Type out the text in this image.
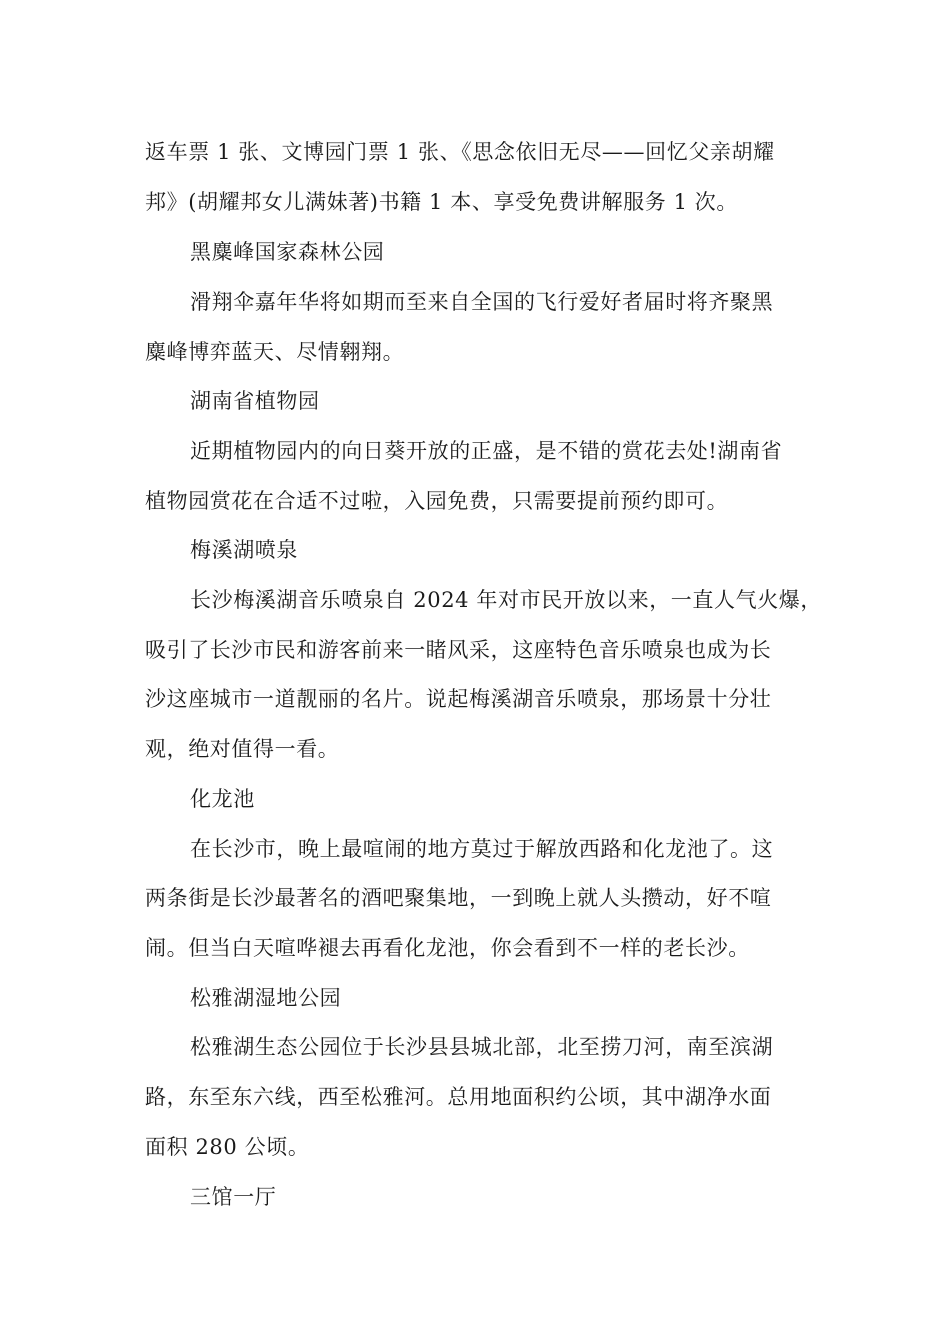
返车票 1 张、文博园门票 1 张、《思念依旧无尽——回忆父亲胡耀
邦》(胡耀邦女儿满妹著)书籍 1 本、享受免费讲解服务 1 次。
黑麋峰国家森林公园
滑翔伞嘉年华将如期而至来自全国的飞行爱好者届时将齐聚黑
麋峰博弈蓝天、尽情翱翔。
湖南省植物园
近期植物园内的向日葵开放的正盛，是不错的赏花去处!湖南省
植物园赏花在合适不过啦，入园免费，只需要提前预约即可。
梅溪湖喷泉
长沙梅溪湖音乐喷泉自 2024 年对市民开放以来，一直人气火爆，
吸引了长沙市民和游客前来一睹风采，这座特色音乐喷泉也成为长
沙这座城市一道靓丽的名片。说起梅溪湖音乐喷泉，那场景十分壮
观，绝对值得一看。
化龙池
在长沙市，晚上最喧闹的地方莫过于解放西路和化龙池了。这
两条街是长沙最著名的酒吧聚集地，一到晚上就人头攒动，好不喧
闹。但当白天喧哗褪去再看化龙池，你会看到不一样的老长沙。
松雅湖湿地公园
松雅湖生态公园位于长沙县县城北部，北至捞刀河，南至滨湖
路，东至东六线，西至松雅河。总用地面积约公顷，其中湖净水面
面积 280 公顷。
三馆一厅
